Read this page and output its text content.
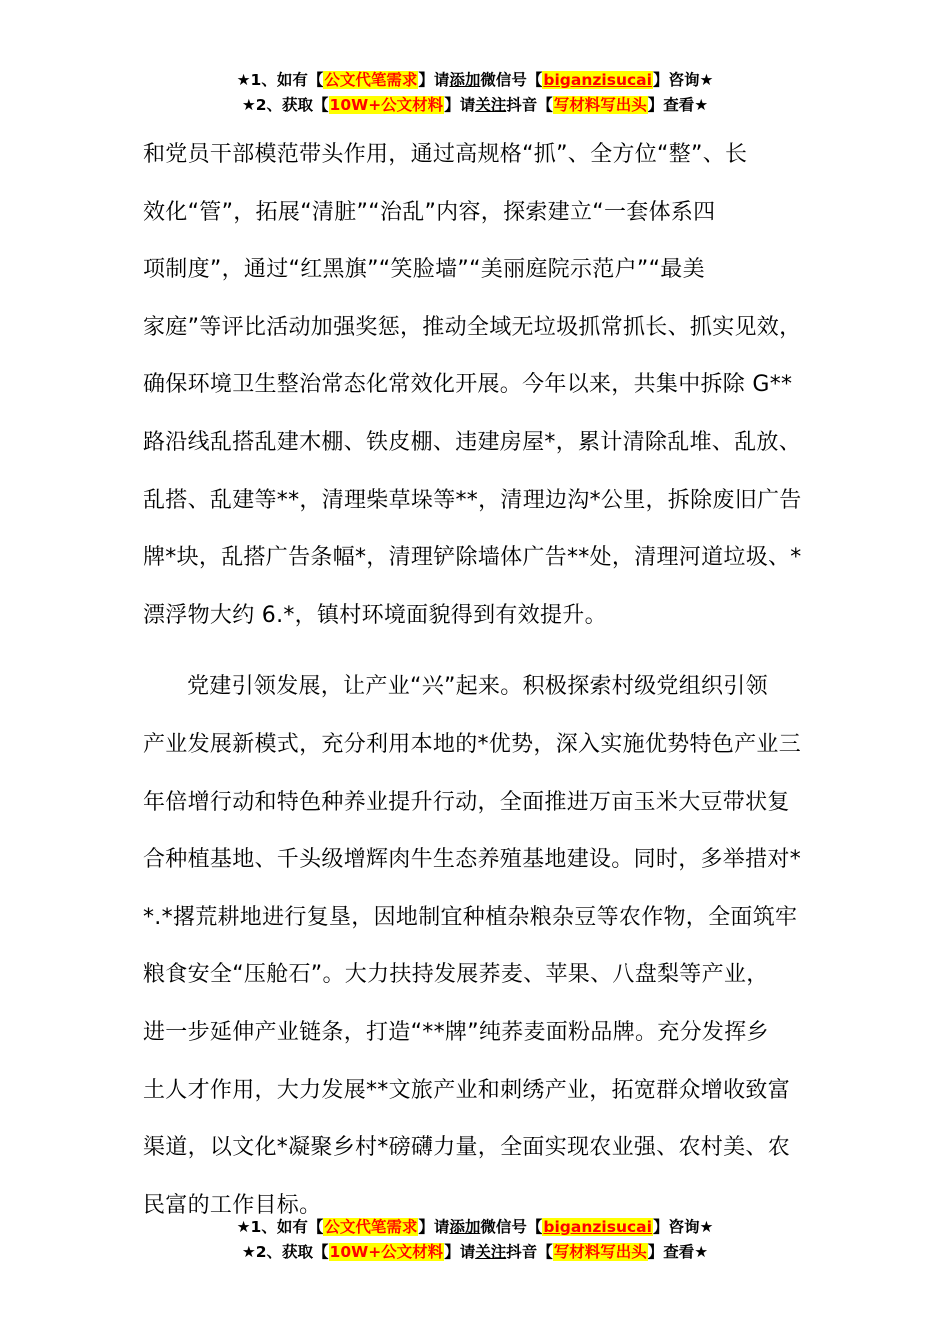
★1、如有【公文代笔需求】请添加微信号【biganzisucai】咨询★
★2、获取【10W+公文材料】请关注抖音【写材料写出头】查看★
和党员干部模范带头作用，通过高规格“抓”、全方位“整”、长
效化“管”，拓展“清脏”“治乱”内容，探索建立“一套体系四
项制度”，通过“红黑旗”“笑脸墙”“美丽庭院示范户”“最美
家庭”等评比活动加强奖惩，推动全域无垃圾抓常抓长、抓实见效，
确保环境卫生整治常态化常效化开展。今年以来，共集中拆除 G**
路沿线乱搭乱建木棚、铁皮棚、违建房屋*，累计清除乱堆、乱放、
乱搭、乱建等**，清理柴草垛等**，清理边沟*公里，拆除废旧广告
牌*块，乱搭广告条幅*，清理铲除墙体广告**处，清理河道垃圾、*
漂浮物大约 6.*，镇村环境面貌得到有效提升。
党建引领发展，让产业“兴”起来。积极探索村级党组织引领
产业发展新模式，充分利用本地的*优势，深入实施优势特色产业三
年倍增行动和特色种养业提升行动，全面推进万亩玉米大豆带状复
合种植基地、千头级增辉肉牛生态养殖基地建设。同时，多举措对*
*.*撂荒耕地进行复垦，因地制宜种植杂粮杂豆等农作物，全面筑牢
粮食安全“压舱石”。大力扶持发展荞麦、苹果、八盘梨等产业，
进一步延伸产业链条，打造“**牌”纯荞麦面粉品牌。充分发挥乡
土人才作用，大力发展**文旅产业和刺绣产业，拓宽群众增收致富
渠道，以文化*凝聚乡村*磅礴力量，全面实现农业强、农村美、农
民富的工作目标。
★1、如有【公文代笔需求】请添加微信号【biganzisucai】咨询★
★2、获取【10W+公文材料】请关注抖音【写材料写出头】查看★
